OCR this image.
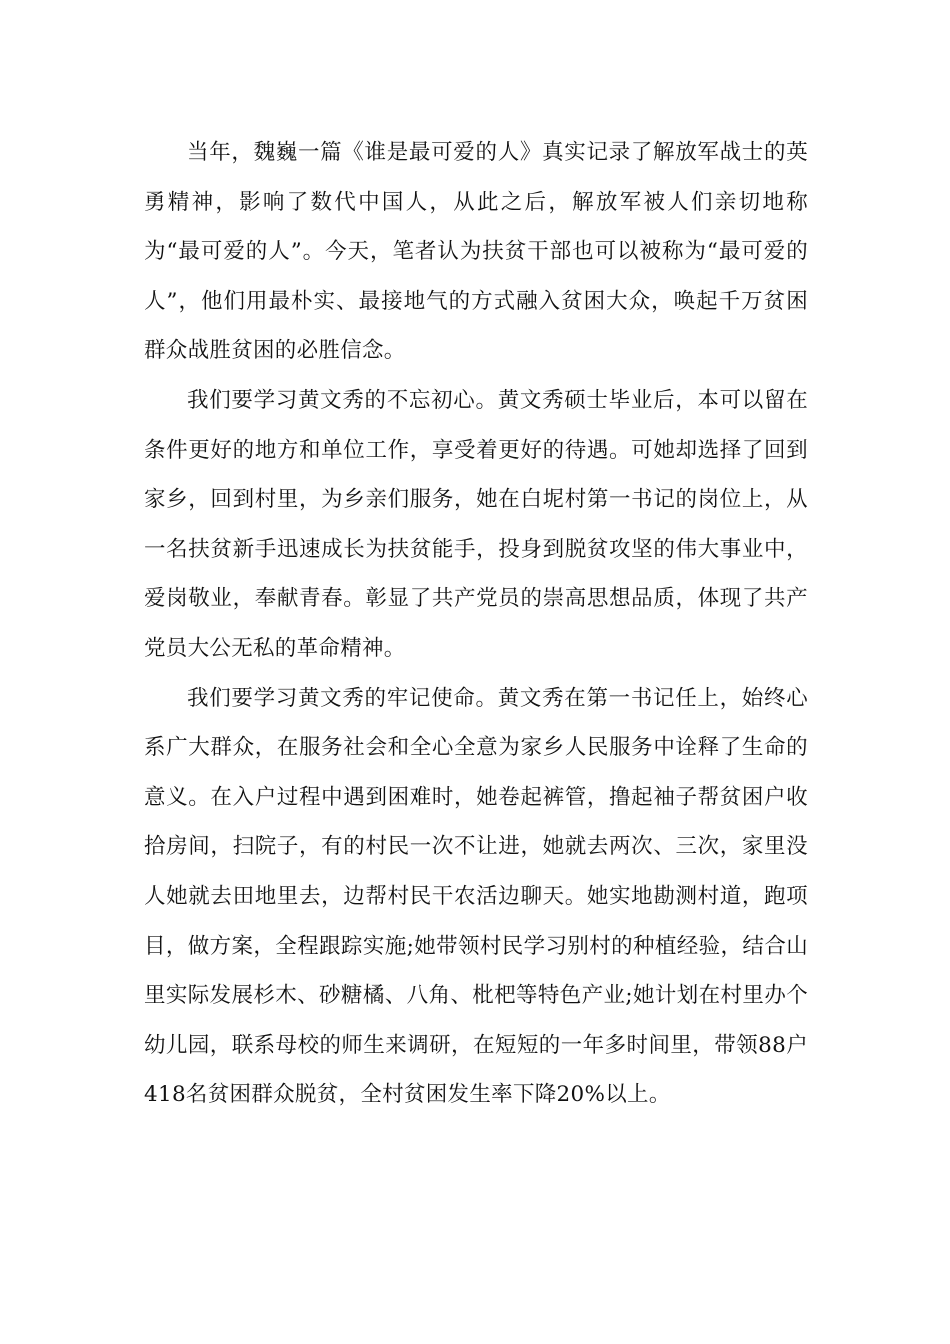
当年，魏巍一篇《谁是最可爱的人》真实记录了解放军战士的英勇精神，影响了数代中国人，从此之后，解放军被人们亲切地称为“最可爱的人”。今天，笔者认为扶贫干部也可以被称为“最可爱的人”，他们用最朴实、最接地气的方式融入贫困大众，唤起千万贫困群众战胜贫困的必胜信念。

我们要学习黄文秀的不忘初心。黄文秀硕士毕业后，本可以留在条件更好的地方和单位工作，享受着更好的待遇。可她却选择了回到家乡，回到村里，为乡亲们服务，她在白坭村第一书记的岗位上，从一名扶贫新手迅速成长为扶贫能手，投身到脱贫攻坚的伟大事业中，爱岗敬业，奉献青春。彰显了共产党员的崇高思想品质，体现了共产党员大公无私的革命精神。

我们要学习黄文秀的牢记使命。黄文秀在第一书记任上，始终心系广大群众，在服务社会和全心全意为家乡人民服务中诠释了生命的意义。在入户过程中遇到困难时，她卷起裤管，撸起袖子帮贫困户收拾房间，扫院子，有的村民一次不让进，她就去两次、三次，家里没人她就去田地里去，边帮村民干农活边聊天。她实地勘测村道，跑项目，做方案，全程跟踪实施;她带领村民学习别村的种植经验，结合山里实际发展杉木、砂糖橘、八角、枇杷等特色产业;她计划在村里办个幼儿园，联系母校的师生来调研，在短短的一年多时间里，带领88户418名贫困群众脱贫，全村贫困发生率下降20%以上。
